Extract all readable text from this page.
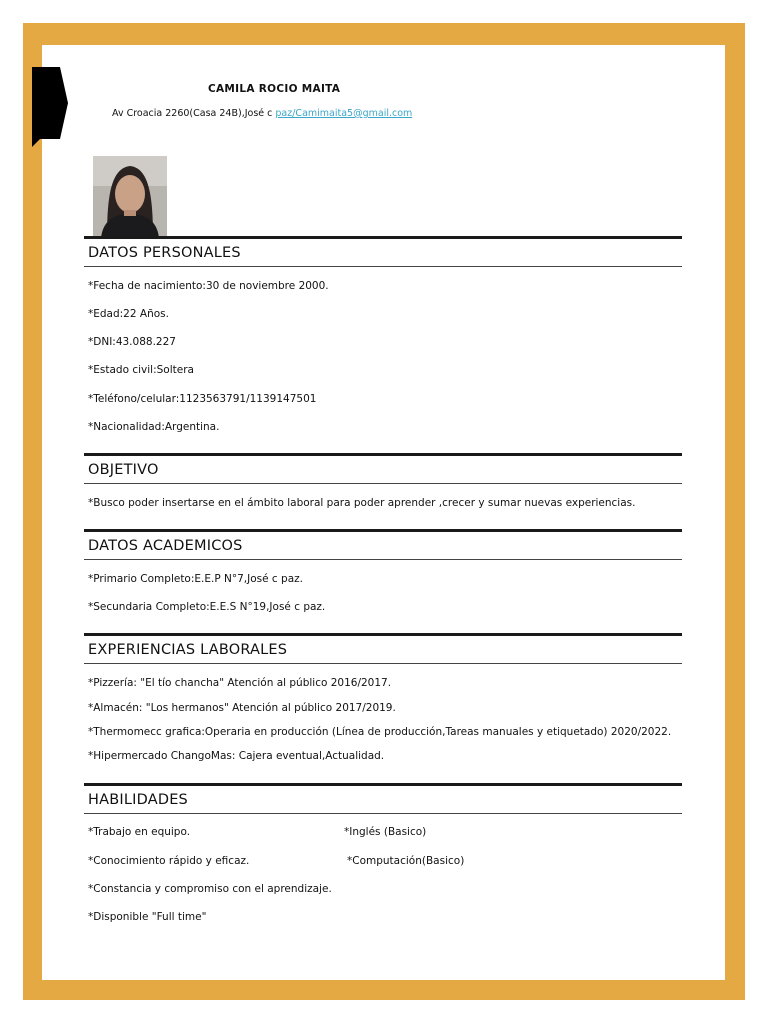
CAMILA ROCIO MAITA
Av Croacia 2260(Casa 24B),José c paz/Camimaita5@gmail.com
DATOS PERSONALES
*Fecha de nacimiento:30 de noviembre 2000.
*Edad:22 Años.
*DNI:43.088.227
*Estado civil:Soltera
*Teléfono/celular:1123563791/1139147501
*Nacionalidad:Argentina.
OBJETIVO
*Busco poder insertarse en el ámbito laboral para poder aprender ,crecer y sumar nuevas experiencias.
DATOS ACADEMICOS
*Primario Completo:E.E.P N°7,José c paz.
*Secundaria Completo:E.E.S N°19,José c paz.
EXPERIENCIAS LABORALES
*Pizzería: "El tío chancha" Atención al público 2016/2017.
*Almacén: "Los hermanos" Atención al público 2017/2019.
*Thermomecc grafica:Operaria en producción (Línea de producción,Tareas manuales y etiquetado) 2020/2022.
*Hipermercado ChangoMas: Cajera eventual,Actualidad.
HABILIDADES
*Trabajo en equipo.	*Inglés (Basico)
*Conocimiento rápido y eficaz.	*Computación(Basico)
*Constancia y compromiso con el aprendizaje.
*Disponible "Full time"
